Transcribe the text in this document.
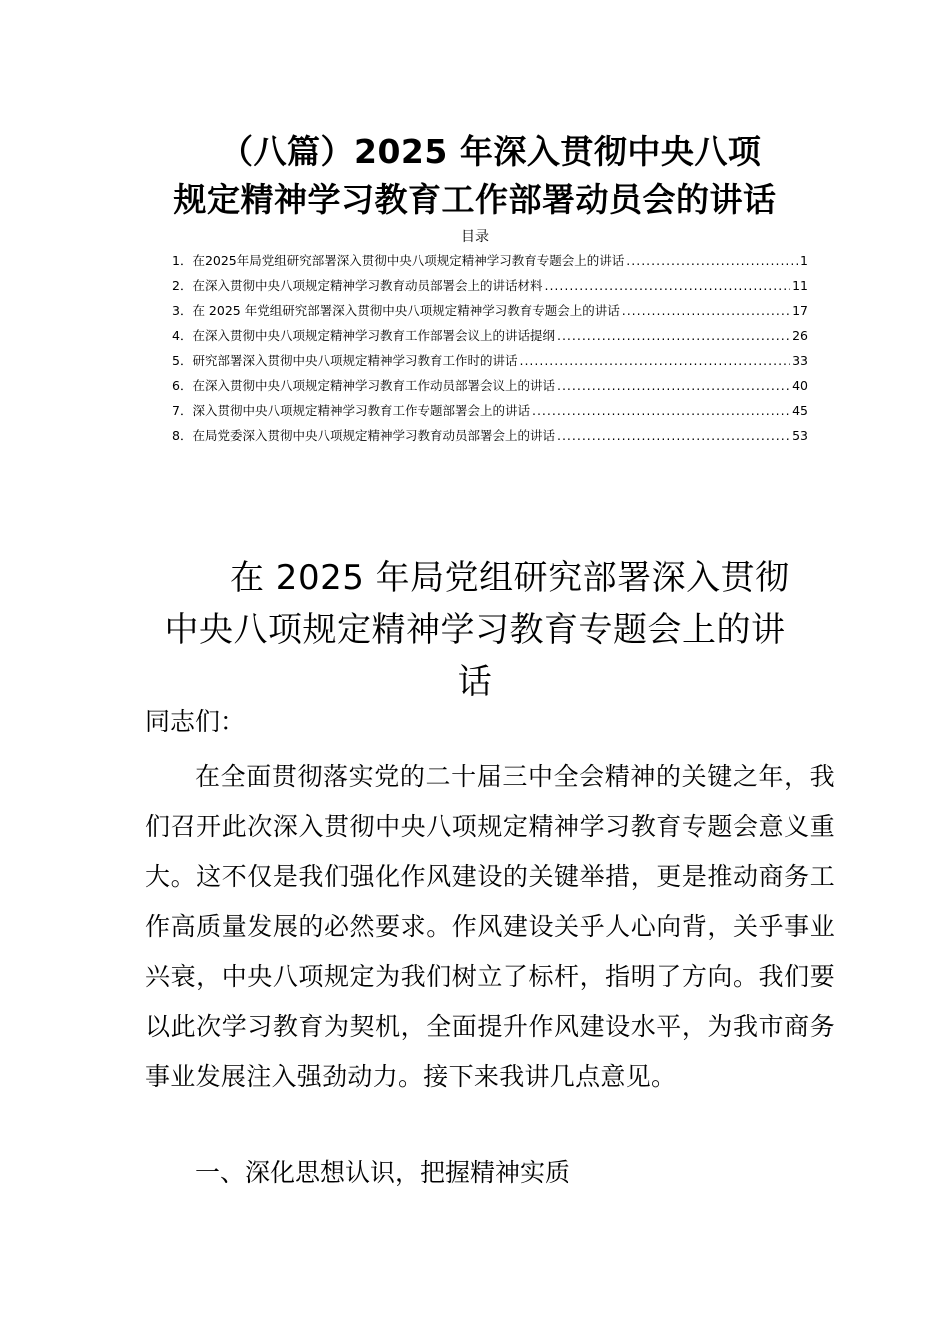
（八篇）2025 年深入贯彻中央八项
规定精神学习教育工作部署动员会的讲话
目录
1． 在2025年局党组研究部署深入贯彻中央八项规定精神学习教育专题会上的讲话 .....	1
2． 在深入贯彻中央八项规定精神学习教育动员部署会上的讲话材料 .....	11
3． 在 2025 年党组研究部署深入贯彻中央八项规定精神学习教育专题会上的讲话 .....	17
4． 在深入贯彻中央八项规定精神学习教育工作部署会议上的讲话提纲 .....	26
5． 研究部署深入贯彻中央八项规定精神学习教育工作时的讲话 .....	33
6． 在深入贯彻中央八项规定精神学习教育工作动员部署会议上的讲话 .....	40
7． 深入贯彻中央八项规定精神学习教育工作专题部署会上的讲话 .....	45
8． 在局党委深入贯彻中央八项规定精神学习教育动员部署会上的讲话 .....	53
在 2025 年局党组研究部署深入贯彻
中央八项规定精神学习教育专题会上的讲
话
同志们：

在全面贯彻落实党的二十届三中全会精神的关键之年，我们召开此次深入贯彻中央八项规定精神学习教育专题会意义重大。这不仅是我们强化作风建设的关键举措，更是推动商务工作高质量发展的必然要求。作风建设关乎人心向背，关乎事业兴衰，中央八项规定为我们树立了标杆，指明了方向。我们要以此次学习教育为契机，全面提升作风建设水平，为我市商务事业发展注入强劲动力。接下来我讲几点意见。

一、深化思想认识，把握精神实质
